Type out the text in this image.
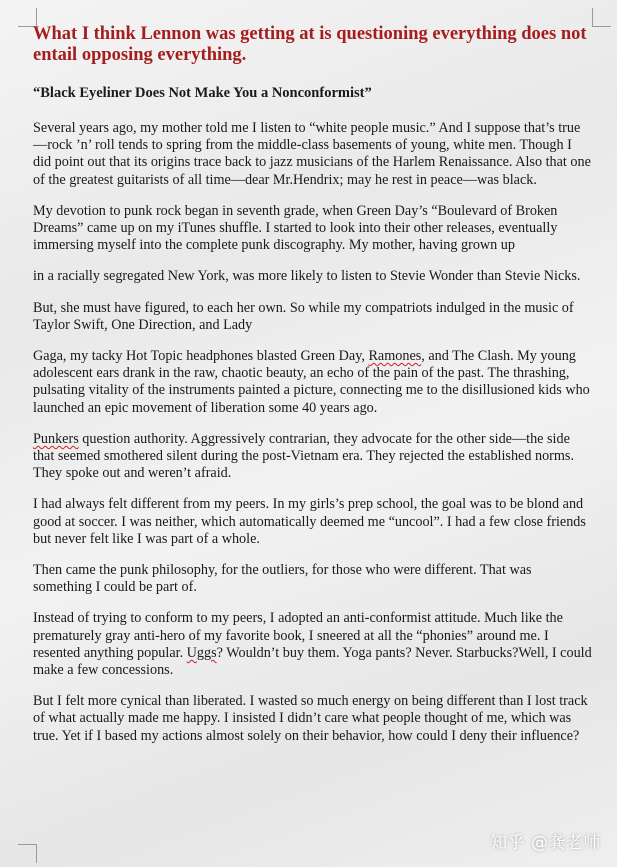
What I think Lennon was getting at is questioning everything does not entail opposing everything.
“Black Eyeliner Does Not Make You a Nonconformist”

Several years ago, my mother told me I listen to “white people music.” And I suppose that’s true—rock ’n’ roll tends to spring from the middle-class basements of young, white men. Though I did point out that its origins trace back to jazz musicians of the Harlem Renaissance. Also that one of the greatest guitarists of all time—dear Mr.Hendrix; may he rest in peace—was black.

My devotion to punk rock began in seventh grade, when Green Day’s “Boulevard of Broken Dreams” came up on my iTunes shuffle. I started to look into their other releases, eventually immersing myself into the complete punk discography. My mother, having grown up

in a racially segregated New York, was more likely to listen to Stevie Wonder than Stevie Nicks.

But, she must have figured, to each her own. So while my compatriots indulged in the music of Taylor Swift, One Direction, and Lady

Gaga, my tacky Hot Topic headphones blasted Green Day, Ramones, and The Clash. My young adolescent ears drank in the raw, chaotic beauty, an echo of the pain of the past. The thrashing, pulsating vitality of the instruments painted a picture, connecting me to the disillusioned kids who launched an epic movement of liberation some 40 years ago.

Punkers question authority. Aggressively contrarian, they advocate for the other side—the side that seemed smothered silent during the post-Vietnam era. They rejected the established norms. They spoke out and weren’t afraid.

I had always felt different from my peers. In my girls’s prep school, the goal was to be blond and good at soccer. I was neither, which automatically deemed me “uncool”. I had a few close friends but never felt like I was part of a whole.

Then came the punk philosophy, for the outliers, for those who were different. That was something I could be part of.

Instead of trying to conform to my peers, I adopted an anti-conformist attitude. Much like the prematurely gray anti-hero of my favorite book, I sneered at all the “phonies” around me. I resented anything popular. Uggs? Wouldn’t buy them. Yoga pants? Never. Starbucks?Well, I could make a few concessions.

But I felt more cynical than liberated. I wasted so much energy on being different than I lost track of what actually made me happy. I insisted I didn’t care what people thought of me, which was true. Yet if I based my actions almost solely on their behavior, how could I deny their influence?

知乎 @龚老师
